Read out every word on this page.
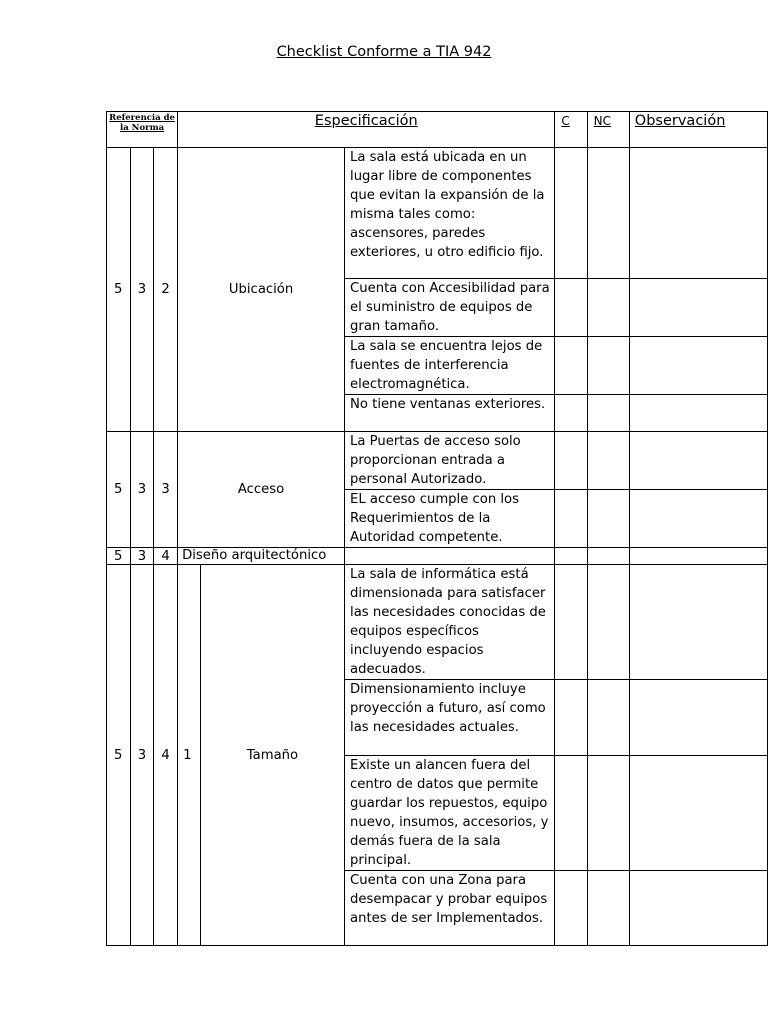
Checklist Conforme a TIA 942
Referencia de la Norma			Especificación			C	NC	Observación
5	3	2	Ubicación		La sala está ubicada en un lugar libre de componentes que evitan la expansión de la misma tales como: ascensores, paredes exteriores, u otro edificio fijo.			
					Cuenta con Accesibilidad para el suministro de equipos de gran tamaño.			
					La sala se encuentra lejos de fuentes de interferencia electromagnética.			
					No tiene ventanas exteriores.			
5	3	3	Acceso		La Puertas de acceso solo proporcionan entrada a personal Autorizado.			
					EL acceso cumple con los Requerimientos de la Autoridad competente.			
5	3	4	Diseño arquitectónico					
5	3	4	1	Tamaño	La sala de informática está dimensionada para satisfacer las necesidades conocidas de equipos específicos incluyendo espacios adecuados.			
					Dimensionamiento incluye proyección a futuro, así como las necesidades actuales.			
					Existe un alancen fuera del centro de datos que permite guardar los repuestos, equipo nuevo, insumos, accesorios, y demás fuera de la sala principal.			
					Cuenta con una Zona para desempacar y probar equipos antes de ser Implementados.			
